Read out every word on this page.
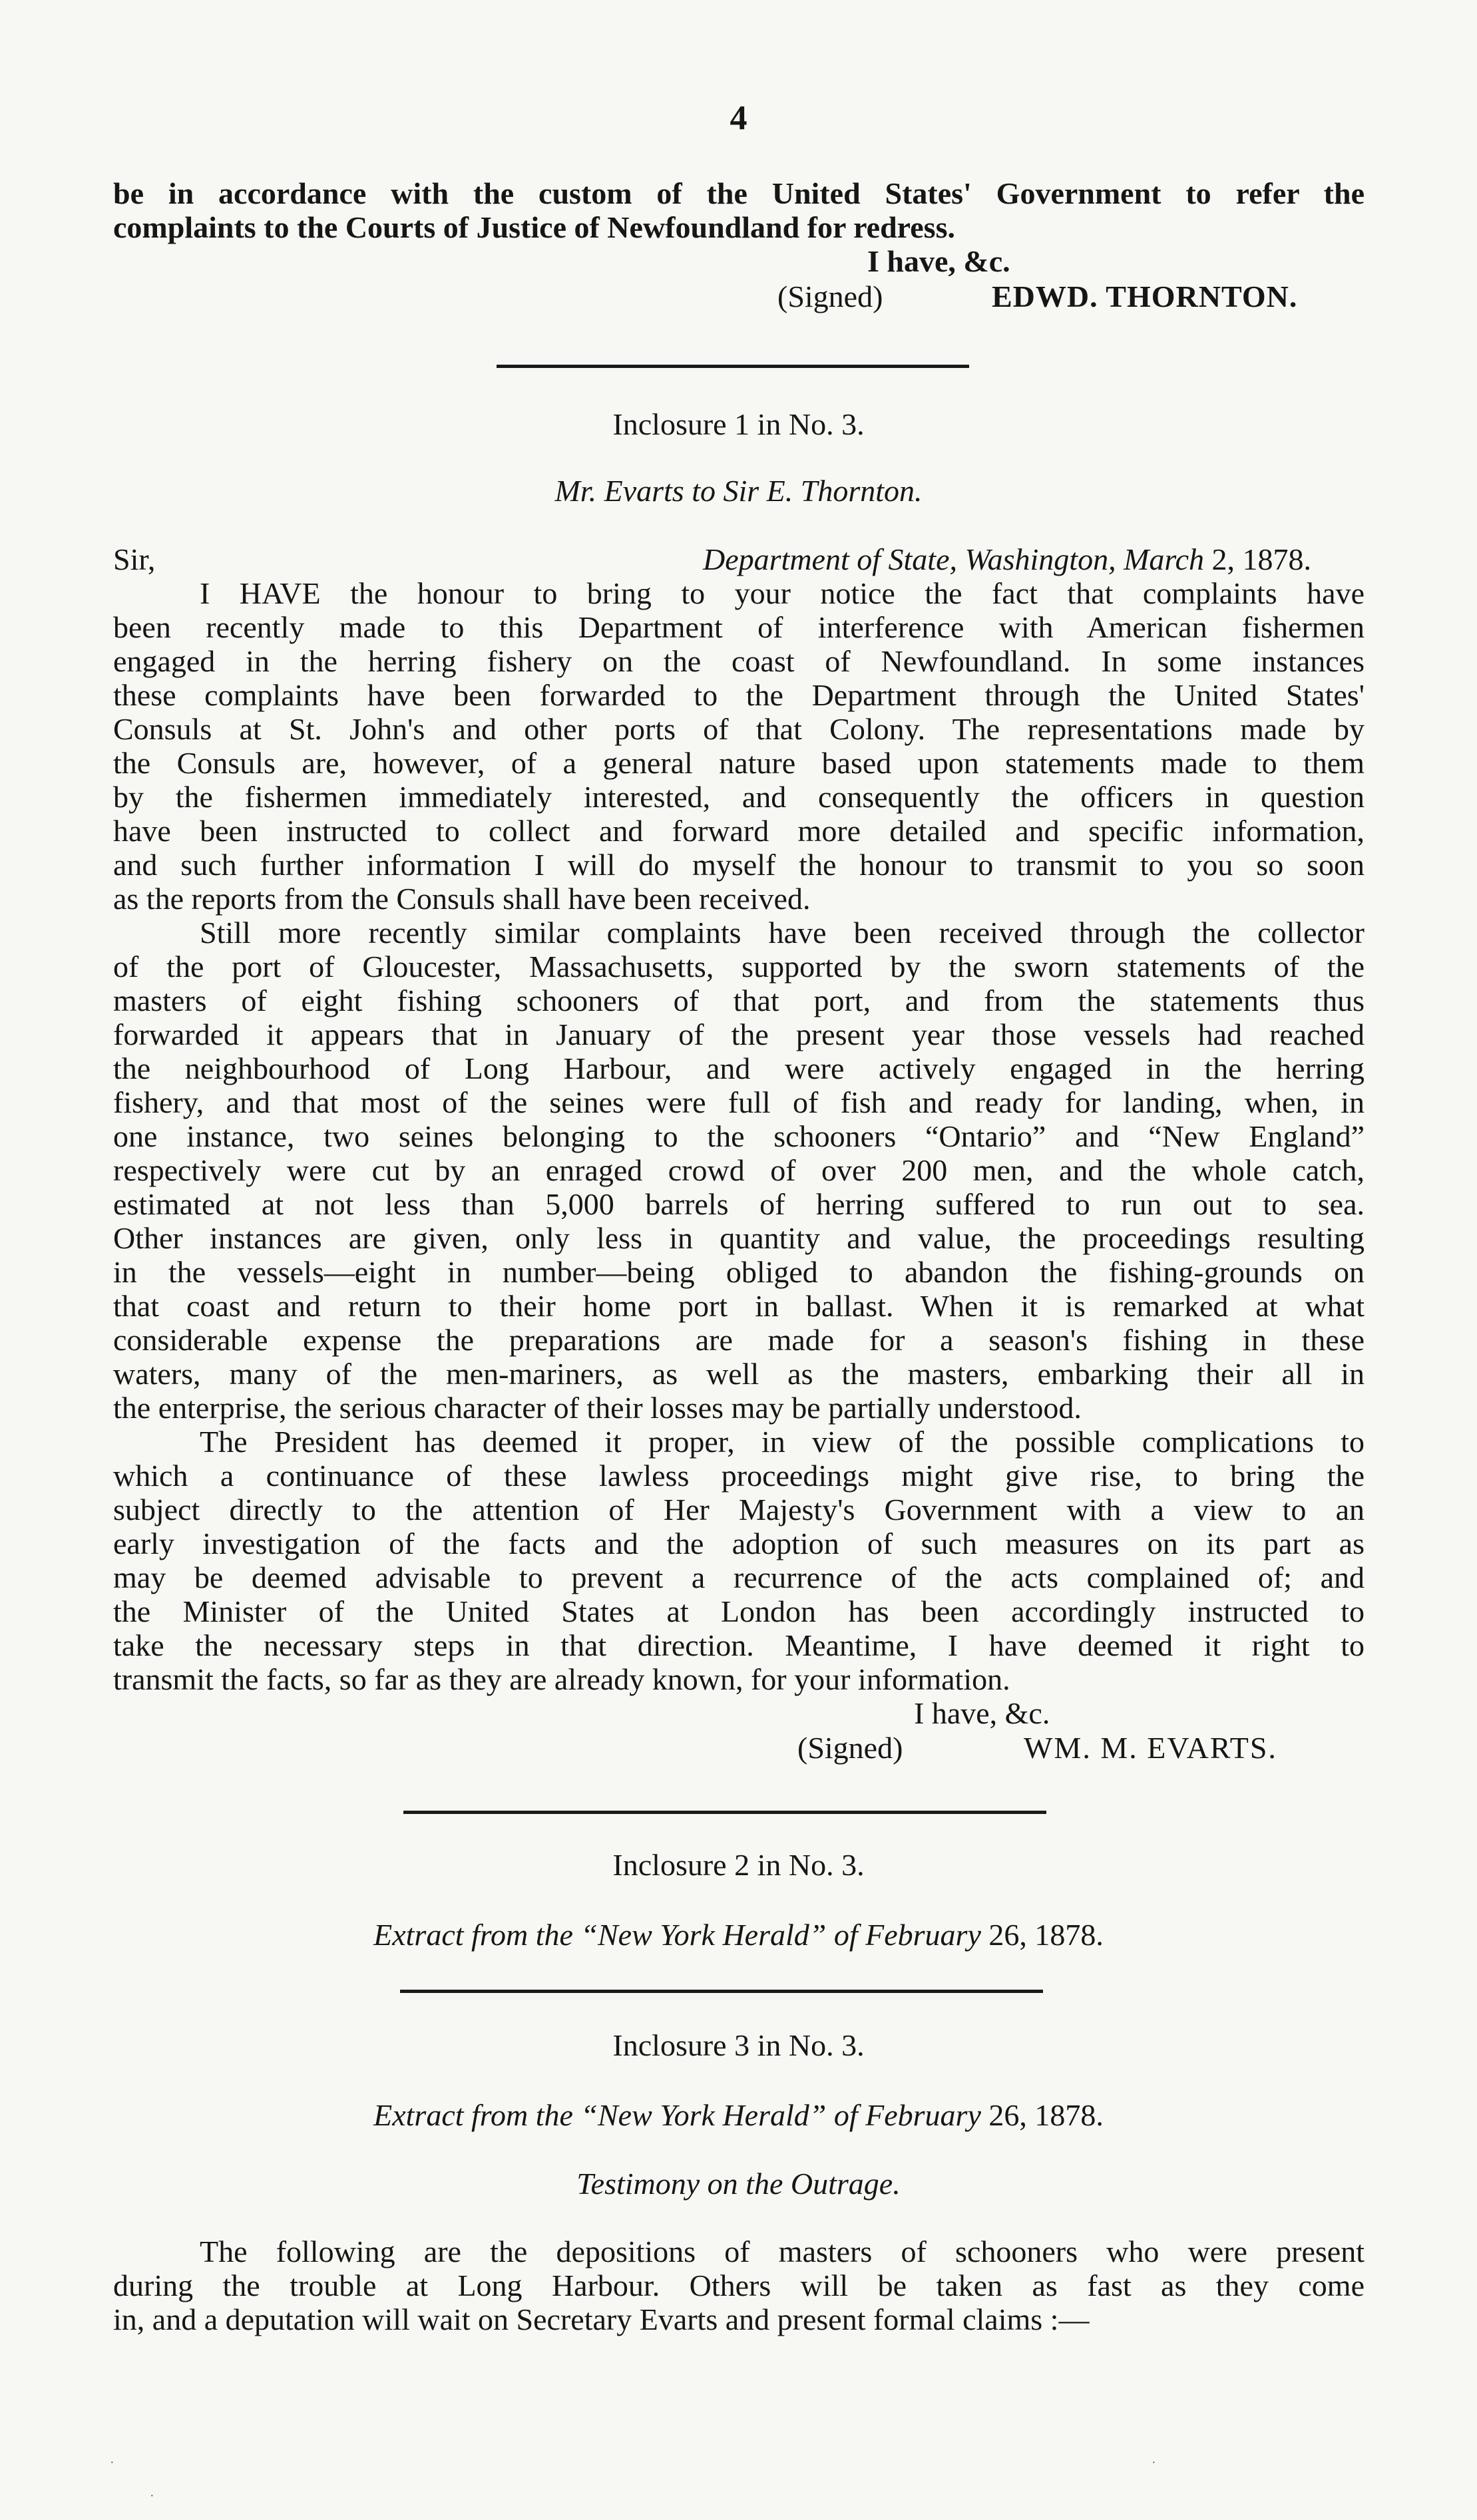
4
be in accordance with the custom of the United States' Government to refer the
complaints to the Courts of Justice of Newfoundland for redress.
I have, &c.
(Signed)	EDWD. THORNTON.
Inclosure 1 in No. 3.
Mr. Evarts to Sir E. Thornton.
Sir,	Department of State, Washington, March 2, 1878.
I HAVE the honour to bring to your notice the fact that complaints have
been recently made to this Department of interference with American fishermen
engaged in the herring fishery on the coast of Newfoundland. In some instances
these complaints have been forwarded to the Department through the United States'
Consuls at St. John's and other ports of that Colony. The representations made by
the Consuls are, however, of a general nature based upon statements made to them
by the fishermen immediately interested, and consequently the officers in question
have been instructed to collect and forward more detailed and specific information,
and such further information I will do myself the honour to transmit to you so soon
as the reports from the Consuls shall have been received.
Still more recently similar complaints have been received through the collector
of the port of Gloucester, Massachusetts, supported by the sworn statements of the
masters of eight fishing schooners of that port, and from the statements thus
forwarded it appears that in January of the present year those vessels had reached
the neighbourhood of Long Harbour, and were actively engaged in the herring
fishery, and that most of the seines were full of fish and ready for landing, when, in
one instance, two seines belonging to the schooners “Ontario” and “New England”
respectively were cut by an enraged crowd of over 200 men, and the whole catch,
estimated at not less than 5,000 barrels of herring suffered to run out to sea.
Other instances are given, only less in quantity and value, the proceedings resulting
in the vessels—eight in number—being obliged to abandon the fishing-grounds on
that coast and return to their home port in ballast. When it is remarked at what
considerable expense the preparations are made for a season's fishing in these
waters, many of the men-mariners, as well as the masters, embarking their all in
the enterprise, the serious character of their losses may be partially understood.
The President has deemed it proper, in view of the possible complications to
which a continuance of these lawless proceedings might give rise, to bring the
subject directly to the attention of Her Majesty's Government with a view to an
early investigation of the facts and the adoption of such measures on its part as
may be deemed advisable to prevent a recurrence of the acts complained of; and
the Minister of the United States at London has been accordingly instructed to
take the necessary steps in that direction. Meantime, I have deemed it right to
transmit the facts, so far as they are already known, for your information.
I have, &c.
(Signed)	WM. M. EVARTS.
Inclosure 2 in No. 3.
Extract from the “New York Herald” of February 26, 1878.
Inclosure 3 in No. 3.
Extract from the “New York Herald” of February 26, 1878.
Testimony on the Outrage.
The following are the depositions of masters of schooners who were present
during the trouble at Long Harbour. Others will be taken as fast as they come
in, and a deputation will wait on Secretary Evarts and present formal claims :—
·
·
·
